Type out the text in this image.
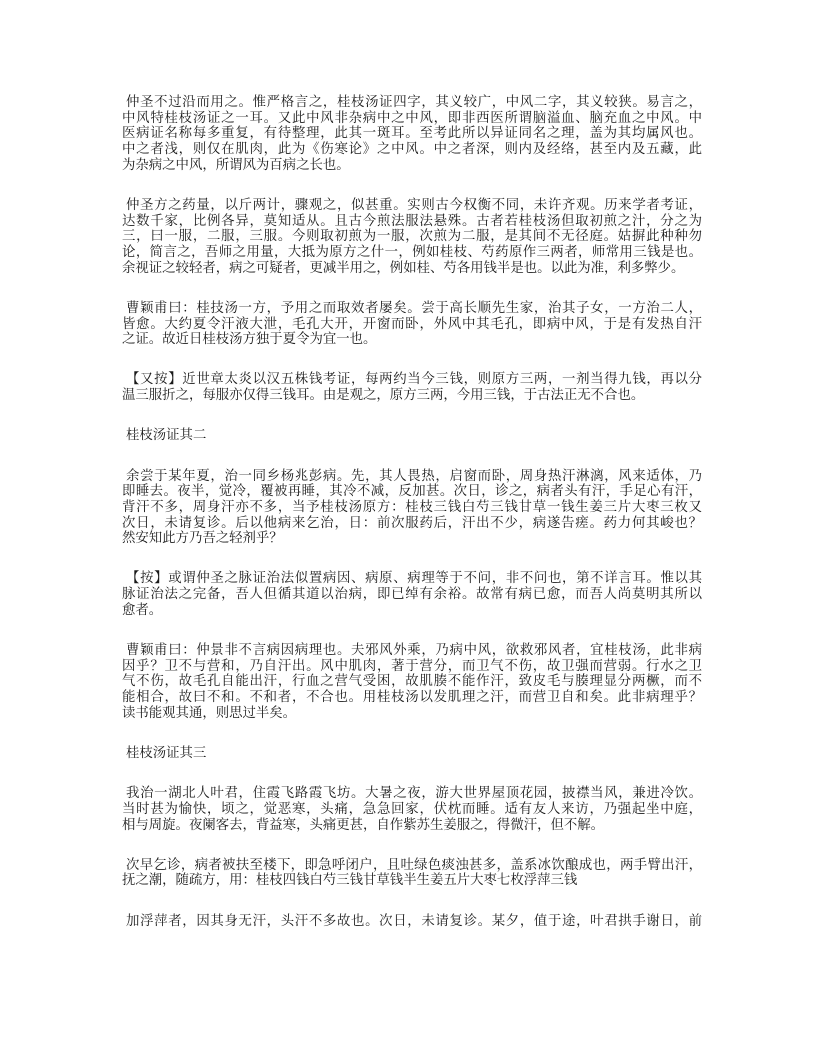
仲圣不过沿而用之。惟严格言之，桂枝汤证四字，其义较广，中风二字，其义较狭。易言之，
中风特桂枝汤证之一耳。又此中风非杂病中之中风，即非西医所谓脑溢血、脑充血之中风。中
医病证名称每多重复，有待整理，此其一斑耳。至考此所以异证同名之理，盖为其均属风也。
中之者浅，则仅在肌肉，此为《伤寒论》之中风。中之者深，则内及经络，甚至内及五藏，此
为杂病之中风，所谓风为百病之长也。
仲圣方之药量，以斤两计，骤观之，似甚重。实则古今权衡不同，未许齐观。历来学者考证，
达数千家，比例各异，莫知适从。且古今煎法服法悬殊。古者若桂枝汤但取初煎之汁，分之为
三，曰一服，二服，三服。今则取初煎为一服，次煎为二服，是其间不无径庭。姑摒此种种勿
论，简言之，吾师之用量，大抵为原方之什一，例如桂枝、芍药原作三两者，师常用三钱是也。
余视证之较轻者，病之可疑者，更减半用之，例如桂、芍各用钱半是也。以此为准，利多弊少。
曹颖甫曰：桂技汤一方，予用之而取效者屡矣。尝于高长顺先生家，治其子女，一方治二人，
皆愈。大约夏令汗液大泄，毛孔大开，开窗而卧，外风中其毛孔，即病中风，于是有发热自汗
之证。故近日桂枝汤方独于夏令为宜一也。
【又按】近世章太炎以汉五株钱考证，每两约当今三钱，则原方三两，一剂当得九钱，再以分
温三服折之，每服亦仅得三钱耳。由是观之，原方三两，今用三钱，于古法正无不合也。
桂枝汤证其二
余尝于某年夏，治一同乡杨兆彭病。先，其人畏热，启窗而卧，周身热汗淋漓，风来适体，乃
即睡去。夜半，觉冷，覆被再睡，其冷不减，反加甚。次日，诊之，病者头有汗，手足心有汗，
背汗不多，周身汗亦不多，当予桂枝汤原方：桂枝三钱白芍三钱甘草一钱生姜三片大枣三枚又
次日，未请复诊。后以他病来乞治，日：前次服药后，汗出不少，病遂告瘥。药力何其峻也？
然安知此方乃吾之轻剂乎？
【按】或谓仲圣之脉证治法似置病因、病原、病理等于不问，非不问也，第不详言耳。惟以其
脉证治法之完备，吾人但循其道以治病，即已绰有余裕。故常有病已愈，而吾人尚莫明其所以
愈者。
曹颖甫曰：仲景非不言病因病理也。夫邪风外乘，乃病中风，欲救邪风者，宜桂枝汤，此非病
因乎？卫不与营和，乃自汗出。风中肌肉，著于营分，而卫气不伤，故卫强而营弱。行水之卫
气不伤，故毛孔自能出汗，行血之营气受困，故肌腠不能作汗，致皮毛与腠理显分两橛，而不
能相合，故曰不和。不和者，不合也。用桂枝汤以发肌理之汗，而营卫自和矣。此非病理乎？
读书能观其通，则思过半矣。
桂枝汤证其三
我治一湖北人叶君，住霞飞路霞飞坊。大暑之夜，游大世界屋顶花园，披襟当风，兼进冷饮。
当时甚为愉快，顷之，觉恶寒，头痛，急急回家，伏枕而睡。适有友人来访，乃强起坐中庭，
相与周旋。夜阑客去，背益寒，头痛更甚，自作紫苏生姜服之，得微汗，但不解。
次早乞诊，病者被扶至楼下，即急呼闭户，且吐绿色痰浊甚多，盖系冰饮酿成也，两手臂出汗，
抚之潮，随疏方，用：桂枝四钱白芍三钱甘草钱半生姜五片大枣七枚浮萍三钱
加浮萍者，因其身无汗，头汗不多故也。次日，未请复诊。某夕，值于途，叶君拱手谢日，前
